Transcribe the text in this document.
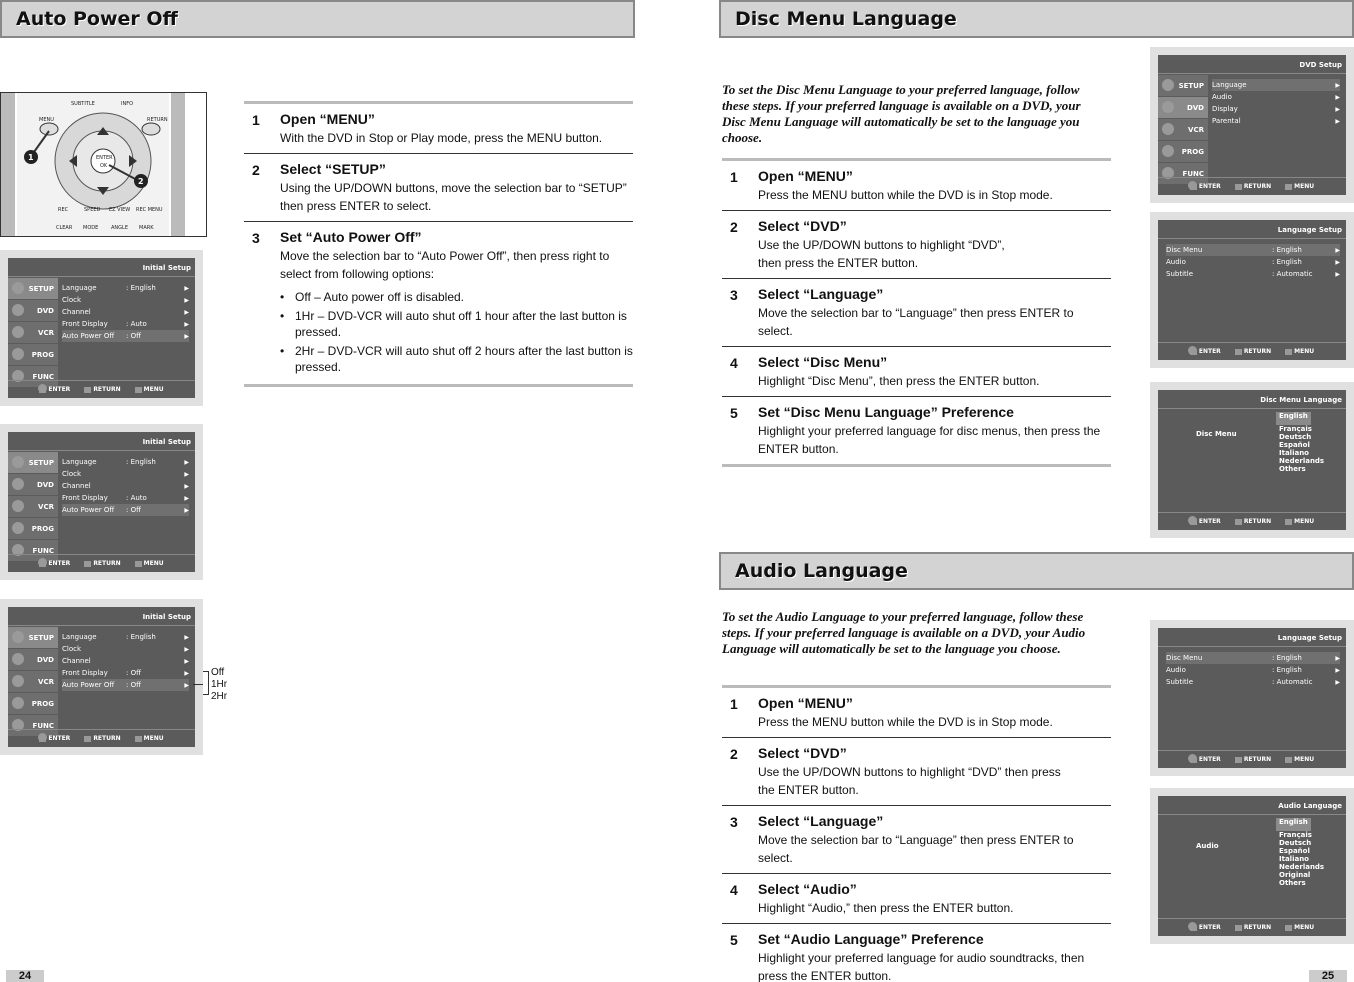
Auto Power Off
SUBTITLE	INFO
MENU	RETURN
ENTER
OK
REC	SPEED EZ VIEW REC MENU
CLEAR MODE	ANGLE MARK
1
2
Initial Setup
SETUP
DVD
VCR
PROG
FUNC
Language	: English	▶
Clock	▶
Channel	▶
Front Display	: Auto	▶
Auto Power Off	: Off	▶
ENTER	RETURN	MENU
Initial Setup
SETUP
DVD
VCR
PROG
FUNC
Language	: English	▶
Clock	▶
Channel	▶
Front Display	: Auto	▶
Auto Power Off	: Off	▶
ENTER	RETURN	MENU
Initial Setup
SETUP
DVD
VCR
PROG
FUNC
Language	: English	▶
Clock	▶
Channel	▶
Front Display	: Off	▶
Auto Power Off	: Off	▶
ENTER	RETURN	MENU
Off
1Hr
2Hr
1	Open “MENU”
With the DVD in Stop or Play mode, press the MENU button.
2	Select “SETUP”
Using the UP/DOWN buttons, move the selection bar to “SETUP” then press ENTER to select.
3	Set “Auto Power Off”
Move the selection bar to “Auto Power Off”, then press right to select from following options:
• Off – Auto power off is disabled.
• 1Hr – DVD-VCR will auto shut off 1 hour after the last button is pressed.
• 2Hr – DVD-VCR will auto shut off 2 hours after the last button is pressed.
24
Disc Menu Language
To set the Disc Menu Language to your preferred language, follow these steps. If your preferred language is available on a DVD, your Disc Menu Language will automatically be set to the language you choose.
1	Open “MENU”
Press the MENU button while the DVD is in Stop mode.
2	Select “DVD”
Use the UP/DOWN buttons to highlight “DVD”,
then press the ENTER button.
3	Select “Language”
Move the selection bar to “Language” then press ENTER to select.
4	Select “Disc Menu”
Highlight “Disc Menu”, then press the ENTER button.
5	Set “Disc Menu Language” Preference
Highlight your preferred language for disc menus, then press the ENTER button.
Audio Language
To set the Audio Language to your preferred language, follow these steps. If your preferred language is available on a DVD, your Audio Language will automatically be set to the language you choose.
1	Open “MENU”
Press the MENU button while the DVD is in Stop mode.
2	Select “DVD”
Use the UP/DOWN buttons to highlight “DVD” then press
the ENTER button.
3	Select “Language”
Move the selection bar to “Language” then press ENTER to select.
4	Select “Audio”
Highlight “Audio,” then press the ENTER button.
5	Set “Audio Language” Preference
Highlight your preferred language for audio soundtracks, then press the ENTER button.
DVD Setup
SETUP
DVD
VCR
PROG
FUNC
Language	▶
Audio	▶
Display	▶
Parental	▶
ENTER	RETURN	MENU
Language Setup
Disc Menu	: English	▶
Audio	: English	▶
Subtitle	: Automatic	▶
ENTER	RETURN	MENU
Disc Menu Language
Disc Menu
English
Français
Deutsch
Español
Italiano
Nederlands
Others
ENTER	RETURN	MENU
Language Setup
Disc Menu	: English	▶
Audio	: English	▶
Subtitle	: Automatic	▶
ENTER	RETURN	MENU
Audio Language
Audio
English
Français
Deutsch
Español
Italiano
Nederlands
Original
Others
ENTER	RETURN	MENU
25
